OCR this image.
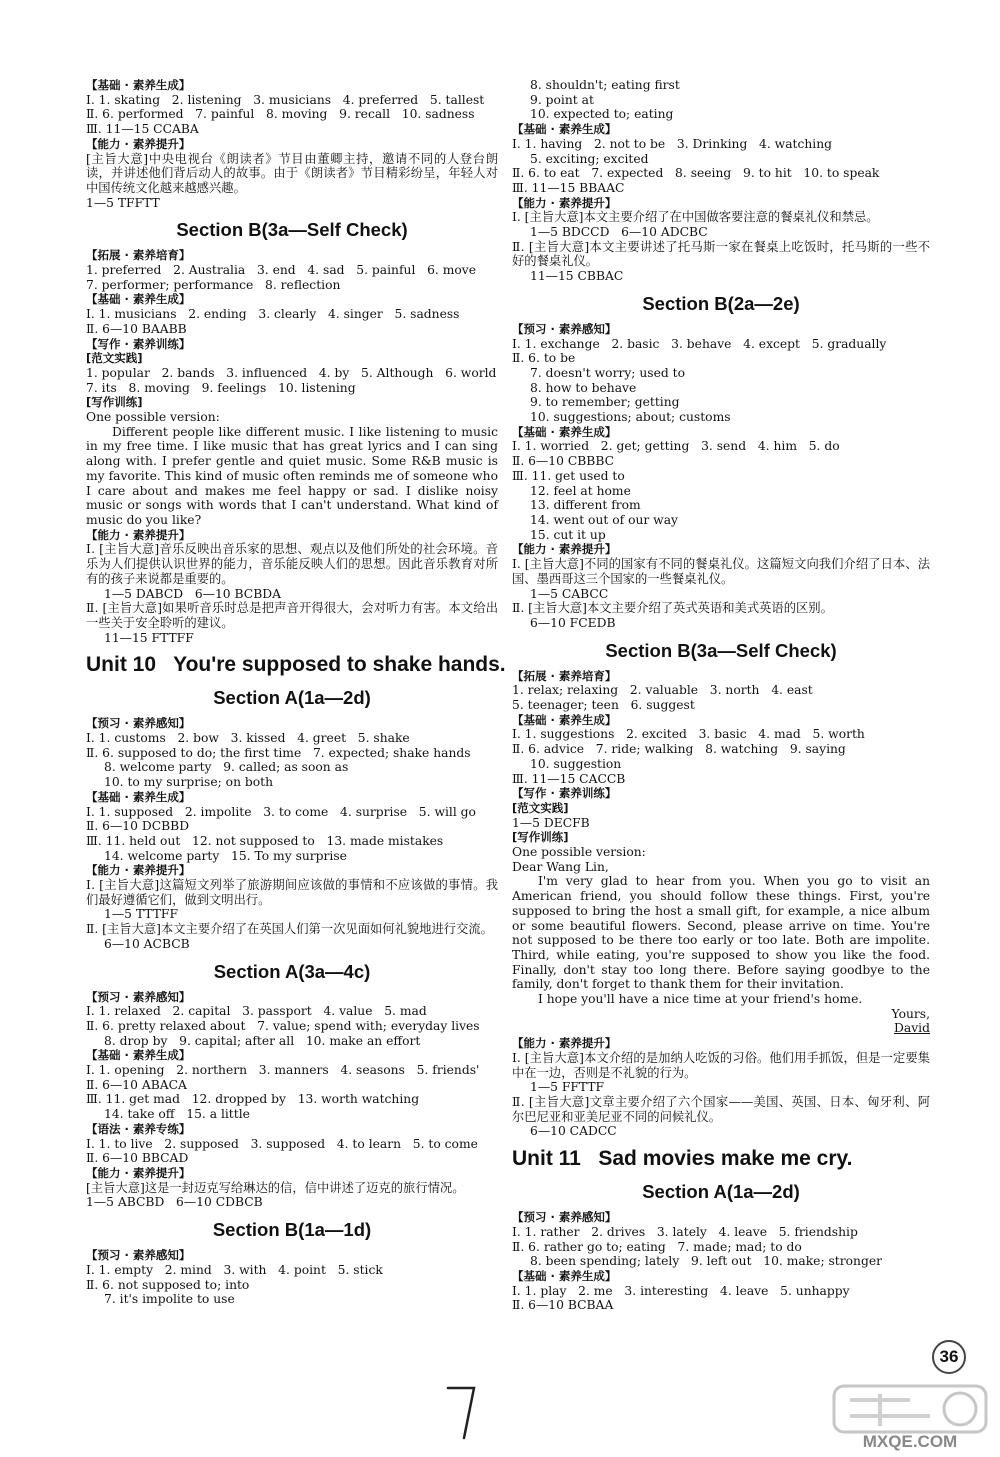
【基础 · 素养生成】
Ⅰ. 1. skating   2. listening   3. musicians   4. preferred   5. tallest
Ⅱ. 6. performed   7. painful   8. moving   9. recall   10. sadness
Ⅲ. 11—15 CCABA
【能力 · 素养提升】
[主旨大意]中央电视台《朗读者》节目由董卿主持，邀请不同的人登台朗读，并讲述他们背后动人的故事。由于《朗读者》节目精彩纷呈，年轻人对中国传统文化越来越感兴趣。
1—5 TFFTT
Section B(3a—Self Check)
【拓展 · 素养培育】
1. preferred   2. Australia   3. end   4. sad   5. painful   6. move
7. performer; performance   8. reflection
【基础 · 素养生成】
Ⅰ. 1. musicians   2. ending   3. clearly   4. singer   5. sadness
Ⅱ. 6—10 BAABB
【写作 · 素养训练】
[范文实践]
1. popular   2. bands   3. influenced   4. by   5. Although   6. world
7. its   8. moving   9. feelings   10. listening
[写作训练]
One possible version:
Different people like different music. I like listening to music in my free time. I like music that has great lyrics and I can sing along with. I prefer gentle and quiet music. Some R&B music is my favorite. This kind of music often reminds me of someone who I care about and makes me feel happy or sad. I dislike noisy music or songs with words that I can't understand. What kind of music do you like?
【能力 · 素养提升】
Ⅰ. [主旨大意]音乐反映出音乐家的思想、观点以及他们所处的社会环境。音乐为人们提供认识世界的能力，音乐能反映人们的思想。因此音乐教育对所有的孩子来说都是重要的。
1—5 DABCD   6—10 BCBDA
Ⅱ. [主旨大意]如果听音乐时总是把声音开得很大，会对听力有害。本文给出一些关于安全聆听的建议。
11—15 FTTFF
Unit 10   You're supposed to shake hands.
Section A(1a—2d)
【预习 · 素养感知】
Ⅰ. 1. customs   2. bow   3. kissed   4. greet   5. shake
Ⅱ. 6. supposed to do; the first time   7. expected; shake hands
8. welcome party   9. called; as soon as
10. to my surprise; on both
【基础 · 素养生成】
Ⅰ. 1. supposed   2. impolite   3. to come   4. surprise   5. will go
Ⅱ. 6—10 DCBBD
Ⅲ. 11. held out   12. not supposed to   13. made mistakes
14. welcome party   15. To my surprise
【能力 · 素养提升】
Ⅰ. [主旨大意]这篇短文列举了旅游期间应该做的事情和不应该做的事情。我们最好遵循它们，做到文明出行。
1—5 TTTFF
Ⅱ. [主旨大意]本文主要介绍了在英国人们第一次见面如何礼貌地进行交流。
6—10 ACBCB
Section A(3a—4c)
【预习 · 素养感知】
Ⅰ. 1. relaxed   2. capital   3. passport   4. value   5. mad
Ⅱ. 6. pretty relaxed about   7. value; spend with; everyday lives
8. drop by   9. capital; after all   10. make an effort
【基础 · 素养生成】
Ⅰ. 1. opening   2. northern   3. manners   4. seasons   5. friends'
Ⅱ. 6—10 ABACA
Ⅲ. 11. get mad   12. dropped by   13. worth watching
14. take off   15. a little
【语法 · 素养专练】
Ⅰ. 1. to live   2. supposed   3. supposed   4. to learn   5. to come
Ⅱ. 6—10 BBCAD
【能力 · 素养提升】
[主旨大意]这是一封迈克写给琳达的信，信中讲述了迈克的旅行情况。
1—5 ABCBD   6—10 CDBCB
Section B(1a—1d)
【预习 · 素养感知】
Ⅰ. 1. empty   2. mind   3. with   4. point   5. stick
Ⅱ. 6. not supposed to; into
7. it's impolite to use
8. shouldn't; eating first
9. point at
10. expected to; eating
【基础 · 素养生成】
Ⅰ. 1. having   2. not to be   3. Drinking   4. watching
5. exciting; excited
Ⅱ. 6. to eat   7. expected   8. seeing   9. to hit   10. to speak
Ⅲ. 11—15 BBAAC
【能力 · 素养提升】
Ⅰ. [主旨大意]本文主要介绍了在中国做客要注意的餐桌礼仪和禁忌。
1—5 BDCCD   6—10 ADCBC
Ⅱ. [主旨大意]本文主要讲述了托马斯一家在餐桌上吃饭时，托马斯的一些不好的餐桌礼仪。
11—15 CBBAC
Section B(2a—2e)
【预习 · 素养感知】
Ⅰ. 1. exchange   2. basic   3. behave   4. except   5. gradually
Ⅱ. 6. to be
7. doesn't worry; used to
8. how to behave
9. to remember; getting
10. suggestions; about; customs
【基础 · 素养生成】
Ⅰ. 1. worried   2. get; getting   3. send   4. him   5. do
Ⅱ. 6—10 CBBBC
Ⅲ. 11. get used to
12. feel at home
13. different from
14. went out of our way
15. cut it up
【能力 · 素养提升】
Ⅰ. [主旨大意]不同的国家有不同的餐桌礼仪。这篇短文向我们介绍了日本、法国、墨西哥这三个国家的一些餐桌礼仪。
1—5 CABCC
Ⅱ. [主旨大意]本文主要介绍了英式英语和美式英语的区别。
6—10 FCEDB
Section B(3a—Self Check)
【拓展 · 素养培育】
1. relax; relaxing   2. valuable   3. north   4. east
5. teenager; teen   6. suggest
【基础 · 素养生成】
Ⅰ. 1. suggestions   2. excited   3. basic   4. mad   5. worth
Ⅱ. 6. advice   7. ride; walking   8. watching   9. saying
10. suggestion
Ⅲ. 11—15 CACCB
【写作 · 素养训练】
[范文实践]
1—5 DECFB
[写作训练]
One possible version:
Dear Wang Lin,
I'm very glad to hear from you. When you go to visit an American friend, you should follow these things. First, you're supposed to bring the host a small gift, for example, a nice album or some beautiful flowers. Second, please arrive on time. You're not supposed to be there too early or too late. Both are impolite. Third, while eating, you're supposed to show you like the food. Finally, don't stay too long there. Before saying goodbye to the family, don't forget to thank them for their invitation.
I hope you'll have a nice time at your friend's home.
Yours,
David
【能力 · 素养提升】
Ⅰ. [主旨大意]本文介绍的是加纳人吃饭的习俗。他们用手抓饭，但是一定要集中在一边，否则是不礼貌的行为。
1—5 FFTTF
Ⅱ. [主旨大意]文章主要介绍了六个国家——美国、英国、日本、匈牙利、阿尔巴尼亚和亚美尼亚不同的问候礼仪。
6—10 CADCC
Unit 11   Sad movies make me cry.
Section A(1a—2d)
【预习 · 素养感知】
Ⅰ. 1. rather   2. drives   3. lately   4. leave   5. friendship
Ⅱ. 6. rather go to; eating   7. made; mad; to do
8. been spending; lately   9. left out   10. make; stronger
【基础 · 素养生成】
Ⅰ. 1. play   2. me   3. interesting   4. leave   5. unhappy
Ⅱ. 6—10 BCBAA
36
MXQE.COM
